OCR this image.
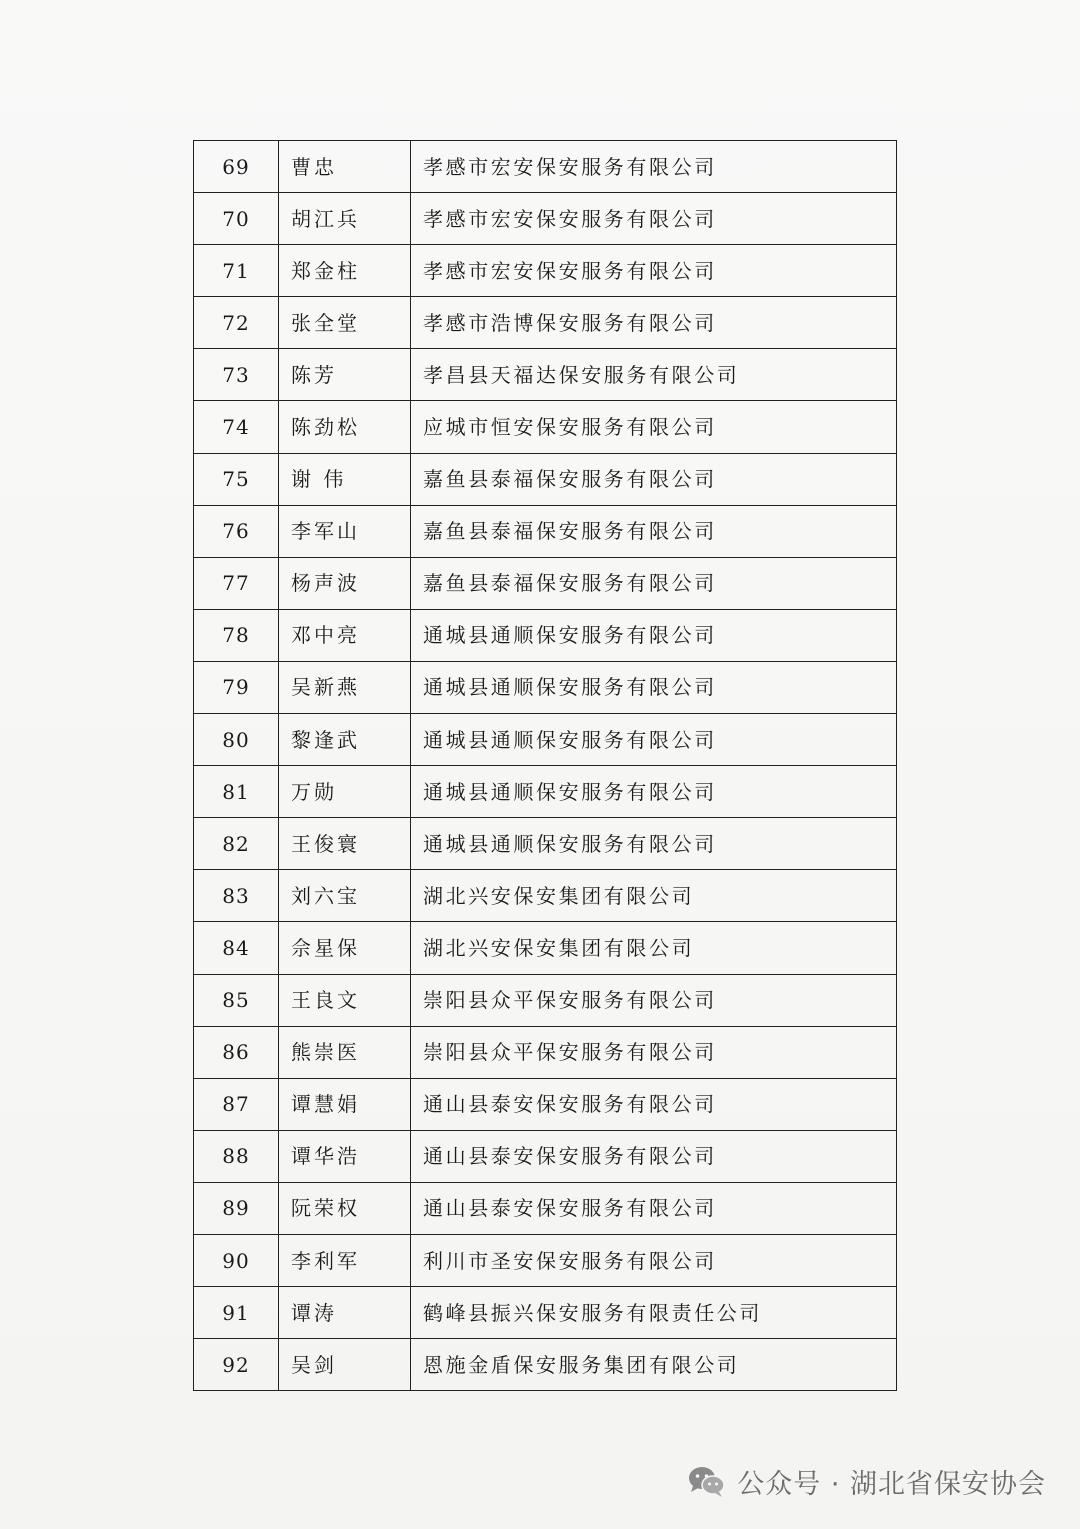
69	曹忠	孝感市宏安保安服务有限公司
70	胡江兵	孝感市宏安保安服务有限公司
71	郑金柱	孝感市宏安保安服务有限公司
72	张全堂	孝感市浩博保安服务有限公司
73	陈芳	孝昌县天福达保安服务有限公司
74	陈劲松	应城市恒安保安服务有限公司
75	谢 伟	嘉鱼县泰福保安服务有限公司
76	李军山	嘉鱼县泰福保安服务有限公司
77	杨声波	嘉鱼县泰福保安服务有限公司
78	邓中亮	通城县通顺保安服务有限公司
79	吴新燕	通城县通顺保安服务有限公司
80	黎逢武	通城县通顺保安服务有限公司
81	万勋	通城县通顺保安服务有限公司
82	王俊寰	通城县通顺保安服务有限公司
83	刘六宝	湖北兴安保安集团有限公司
84	佘星保	湖北兴安保安集团有限公司
85	王良文	崇阳县众平保安服务有限公司
86	熊崇医	崇阳县众平保安服务有限公司
87	谭慧娟	通山县泰安保安服务有限公司
88	谭华浩	通山县泰安保安服务有限公司
89	阮荣权	通山县泰安保安服务有限公司
90	李利军	利川市圣安保安服务有限公司
91	谭涛	鹤峰县振兴保安服务有限责任公司
92	吴剑	恩施金盾保安服务集团有限公司
公众号 · 湖北省保安协会
